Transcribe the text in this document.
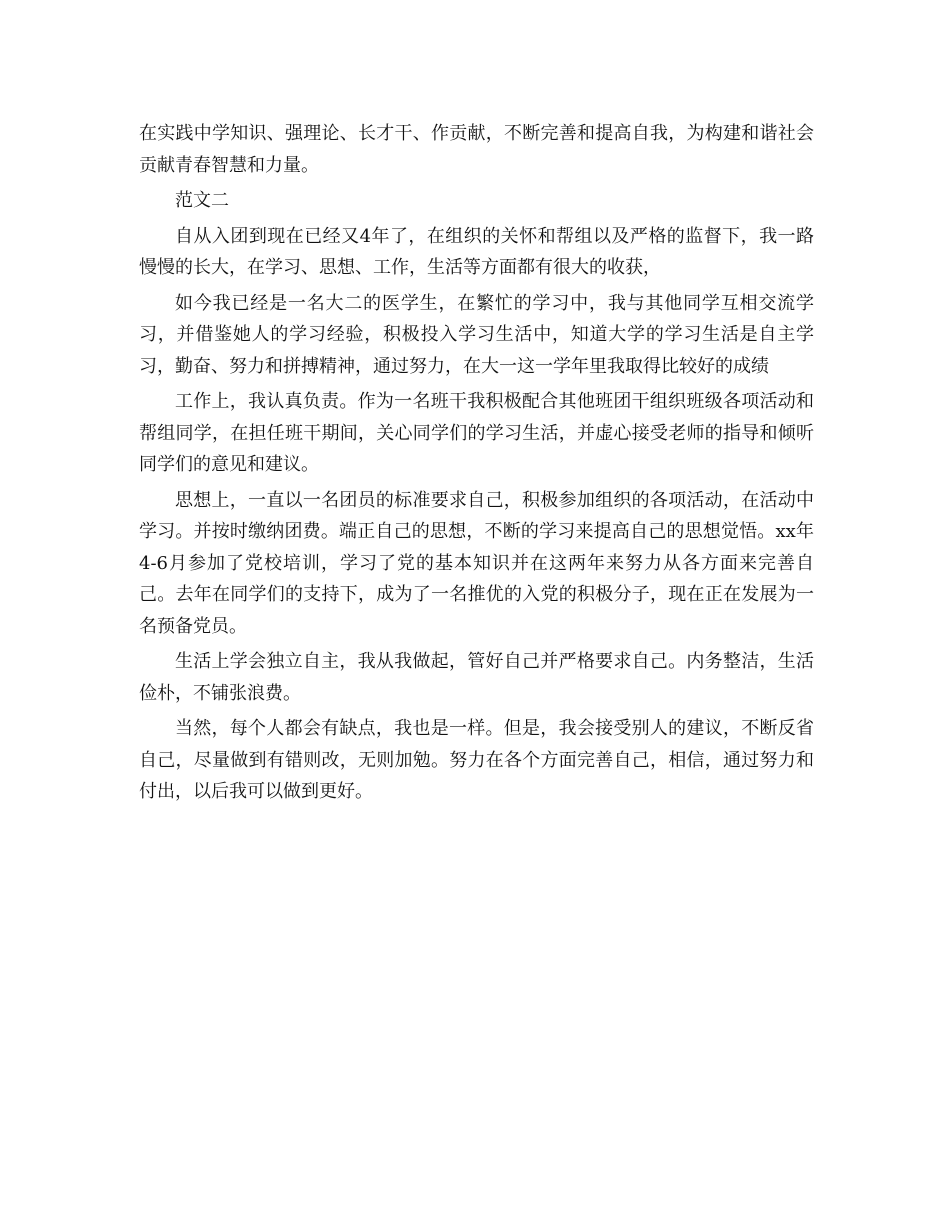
在实践中学知识、强理论、长才干、作贡献，不断完善和提高自我，为构建和谐社会贡献青春智慧和力量。

范文二

自从入团到现在已经又4年了，在组织的关怀和帮组以及严格的监督下，我一路慢慢的长大，在学习、思想、工作，生活等方面都有很大的收获，

如今我已经是一名大二的医学生，在繁忙的学习中，我与其他同学互相交流学习，并借鉴她人的学习经验，积极投入学习生活中，知道大学的学习生活是自主学习，勤奋、努力和拼搏精神，通过努力，在大一这一学年里我取得比较好的成绩

工作上，我认真负责。作为一名班干我积极配合其他班团干组织班级各项活动和帮组同学，在担任班干期间，关心同学们的学习生活，并虚心接受老师的指导和倾听同学们的意见和建议。

思想上，一直以一名团员的标准要求自己，积极参加组织的各项活动，在活动中学习。并按时缴纳团费。端正自己的思想，不断的学习来提高自己的思想觉悟。xx年4-6月参加了党校培训，学习了党的基本知识并在这两年来努力从各方面来完善自己。去年在同学们的支持下，成为了一名推优的入党的积极分子，现在正在发展为一名预备党员。

生活上学会独立自主，我从我做起，管好自己并严格要求自己。内务整洁，生活俭朴，不铺张浪费。

当然，每个人都会有缺点，我也是一样。但是，我会接受别人的建议，不断反省自己，尽量做到有错则改，无则加勉。努力在各个方面完善自己，相信，通过努力和付出，以后我可以做到更好。
